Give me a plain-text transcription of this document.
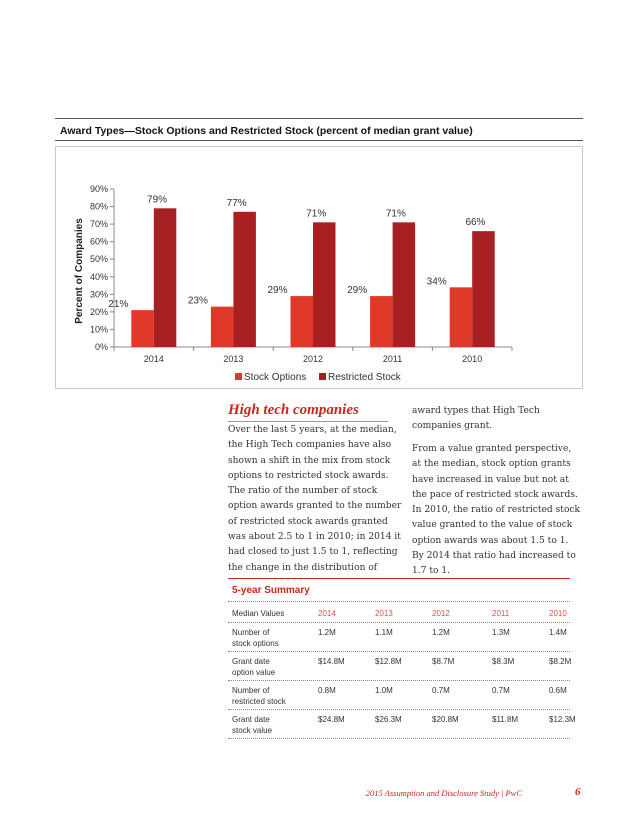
Award Types—Stock Options and Restricted Stock (percent of median grant value)
Percent of Companies
0%
10%
20%
30%
40%
50%
60%
70%
80%
90%
2014	2013	2012	2011	2010
21%
79%
23%
77%
29%
71%
29%
71%
34%
66%
Stock Options Restricted Stock
High tech companies

Over the last 5 years, at the median, the High Tech companies have also shown a shift in the mix from stock options to restricted stock awards. The ratio of the number of stock option awards granted to the number of restricted stock awards granted was about 2.5 to 1 in 2010; in 2014 it had closed to just 1.5 to 1, reflecting the change in the distribution of

award types that High Tech companies grant.

From a value granted perspective, at the median, stock option grants have increased in value but not at the pace of restricted stock awards. In 2010, the ratio of restricted stock value granted to the value of stock option awards was about 1.5 to 1. By 2014 that ratio had increased to 1.7 to 1.

5-year Summary
Median Values	2014	2013	2012	2011	2010
Number of
stock options
1.2M	1.1M	1.2M	1.3M	1.4M
Grant date
option value
$14.8M	$12.8M	$8.7M	$8.3M	$8.2M
Number of
restricted stock
0.8M	1.0M	0.7M	0.7M	0.6M
Grant date
stock value
$24.8M	$26.3M	$20.8M	$11.8M	$12.3M
2015 Assumption and Disclosure Study | PwC	6
